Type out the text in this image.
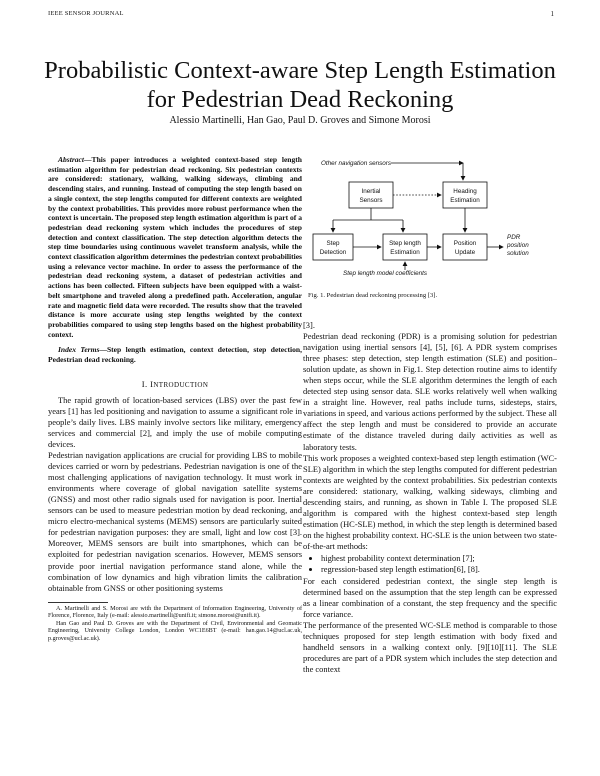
IEEE SENSOR JOURNAL	1
Probabilistic Context-aware Step Length Estimation
for Pedestrian Dead Reckoning
Alessio Martinelli, Han Gao, Paul D. Groves and Simone Morosi

Abstract—This paper introduces a weighted context-based step length estimation algorithm for pedestrian dead reckoning. Six pedestrian contexts are considered: stationary, walking, walking sideways, climbing and descending stairs, and running. Instead of computing the step length based on a single context, the step lengths computed for different contexts are weighted by the context probabilities. This provides more robust performance when the context is uncertain. The proposed step length estimation algorithm is part of a pedestrian dead reckoning system which includes the procedures of step detection and context classification. The step detection algorithm detects the step time boundaries using continuous wavelet transform analysis, while the context classification algorithm determines the pedestrian context probabilities using a relevance vector machine. In order to assess the performance of the pedestrian dead reckoning system, a dataset of pedestrian activities and actions has been collected. Fifteen subjects have been equipped with a waist-belt smartphone and traveled along a predefined path. Acceleration, angular rate and magnetic field data were recorded. The results show that the traveled distance is more accurate using step lengths weighted by the context probabilities compared to using step lengths based on the highest probability context.

Index Terms—Step length estimation, context detection, step detection, Pedestrian dead reckoning.

I. INTRODUCTION

The rapid growth of location-based services (LBS) over the past few years [1] has led positioning and navigation to assume a significant role in people’s daily lives. LBS mainly involve sectors like military, emergency services and commercial [2], and imply the use of mobile computing devices.

Pedestrian navigation applications are crucial for providing LBS to mobile devices carried or worn by pedestrians. Pedestrian navigation is one of the most challenging applications of navigation technology. It must work in environments where coverage of global navigation satellite systems (GNSS) and most other radio signals used for navigation is poor. Inertial sensors can be used to measure pedestrian motion by dead reckoning, and micro electro-mechanical systems (MEMS) sensors are particularly suited for pedestrian navigation purposes: they are small, light and low cost [3]. Moreover, MEMS sensors are built into smartphones, which can be exploited for pedestrian navigation scenarios. However, MEMS sensors provide poor inertial navigation performance stand alone, while the combination of low dynamics and high vibration limits the calibration obtainable from GNSS or other positioning systems

A. Martinelli and S. Morosi are with the Department of Information Engineering, University of Florence, Florence, Italy (e-mail: alessio.martinelli@unifi.it; simone.morosi@unifi.it).

Han Gao and Paul D. Groves are with the Department of Civil, Environmental and Geomatic Engineering, University College London, London WC1E6BT (e-mail: han.gao.14@ucl.ac.uk, p.groves@ucl.ac.uk).

Other navigation sensors
Inertial
Sensors
Heading
Estimation
Step
Detection
Step length
Estimation
Position
Update
PDR
position
solution
Step length model coefficients
Fig. 1. Pedestrian dead reckoning processing [3].

[3].

Pedestrian dead reckoning (PDR) is a promising solution for pedestrian navigation using inertial sensors [4], [5], [6]. A PDR system comprises three phases: step detection, step length estimation (SLE) and position–solution update, as shown in Fig.1. Step detection routine aims to identify when steps occur, while the SLE algorithm determines the length of each detected step using sensor data. SLE works relatively well when walking in a straight line. However, real paths include turns, sidesteps, stairs, variations in speed, and various actions performed by the subject. These all affect the step length and must be considered to provide an accurate estimate of the distance traveled during daily activities as well as laboratory tests.

This work proposes a weighted context-based step length estimation (WC-SLE) algorithm in which the step lengths computed for different pedestrian contexts are weighted by the context probabilities. Six pedestrian contexts are considered: stationary, walking, walking sideways, climbing and descending stairs, and running, as shown in Table I. The proposed SLE algorithm is compared with the highest context-based step length estimation (HC-SLE) method, in which the step length is determined based on the highest probability context. HC-SLE is the union between two state-of-the-art methods:

• highest probability context determination [7];
• regression-based step length estimation[6], [8].

For each considered pedestrian context, the single step length is determined based on the assumption that the step length can be expressed as a linear combination of a constant, the step frequency and the specific force variance.

The performance of the presented WC-SLE method is comparable to those techniques proposed for step length estimation with body fixed and handheld sensors in a walking context only. [9][10][11]. The SLE procedures are part of a PDR system which includes the step detection and the context
